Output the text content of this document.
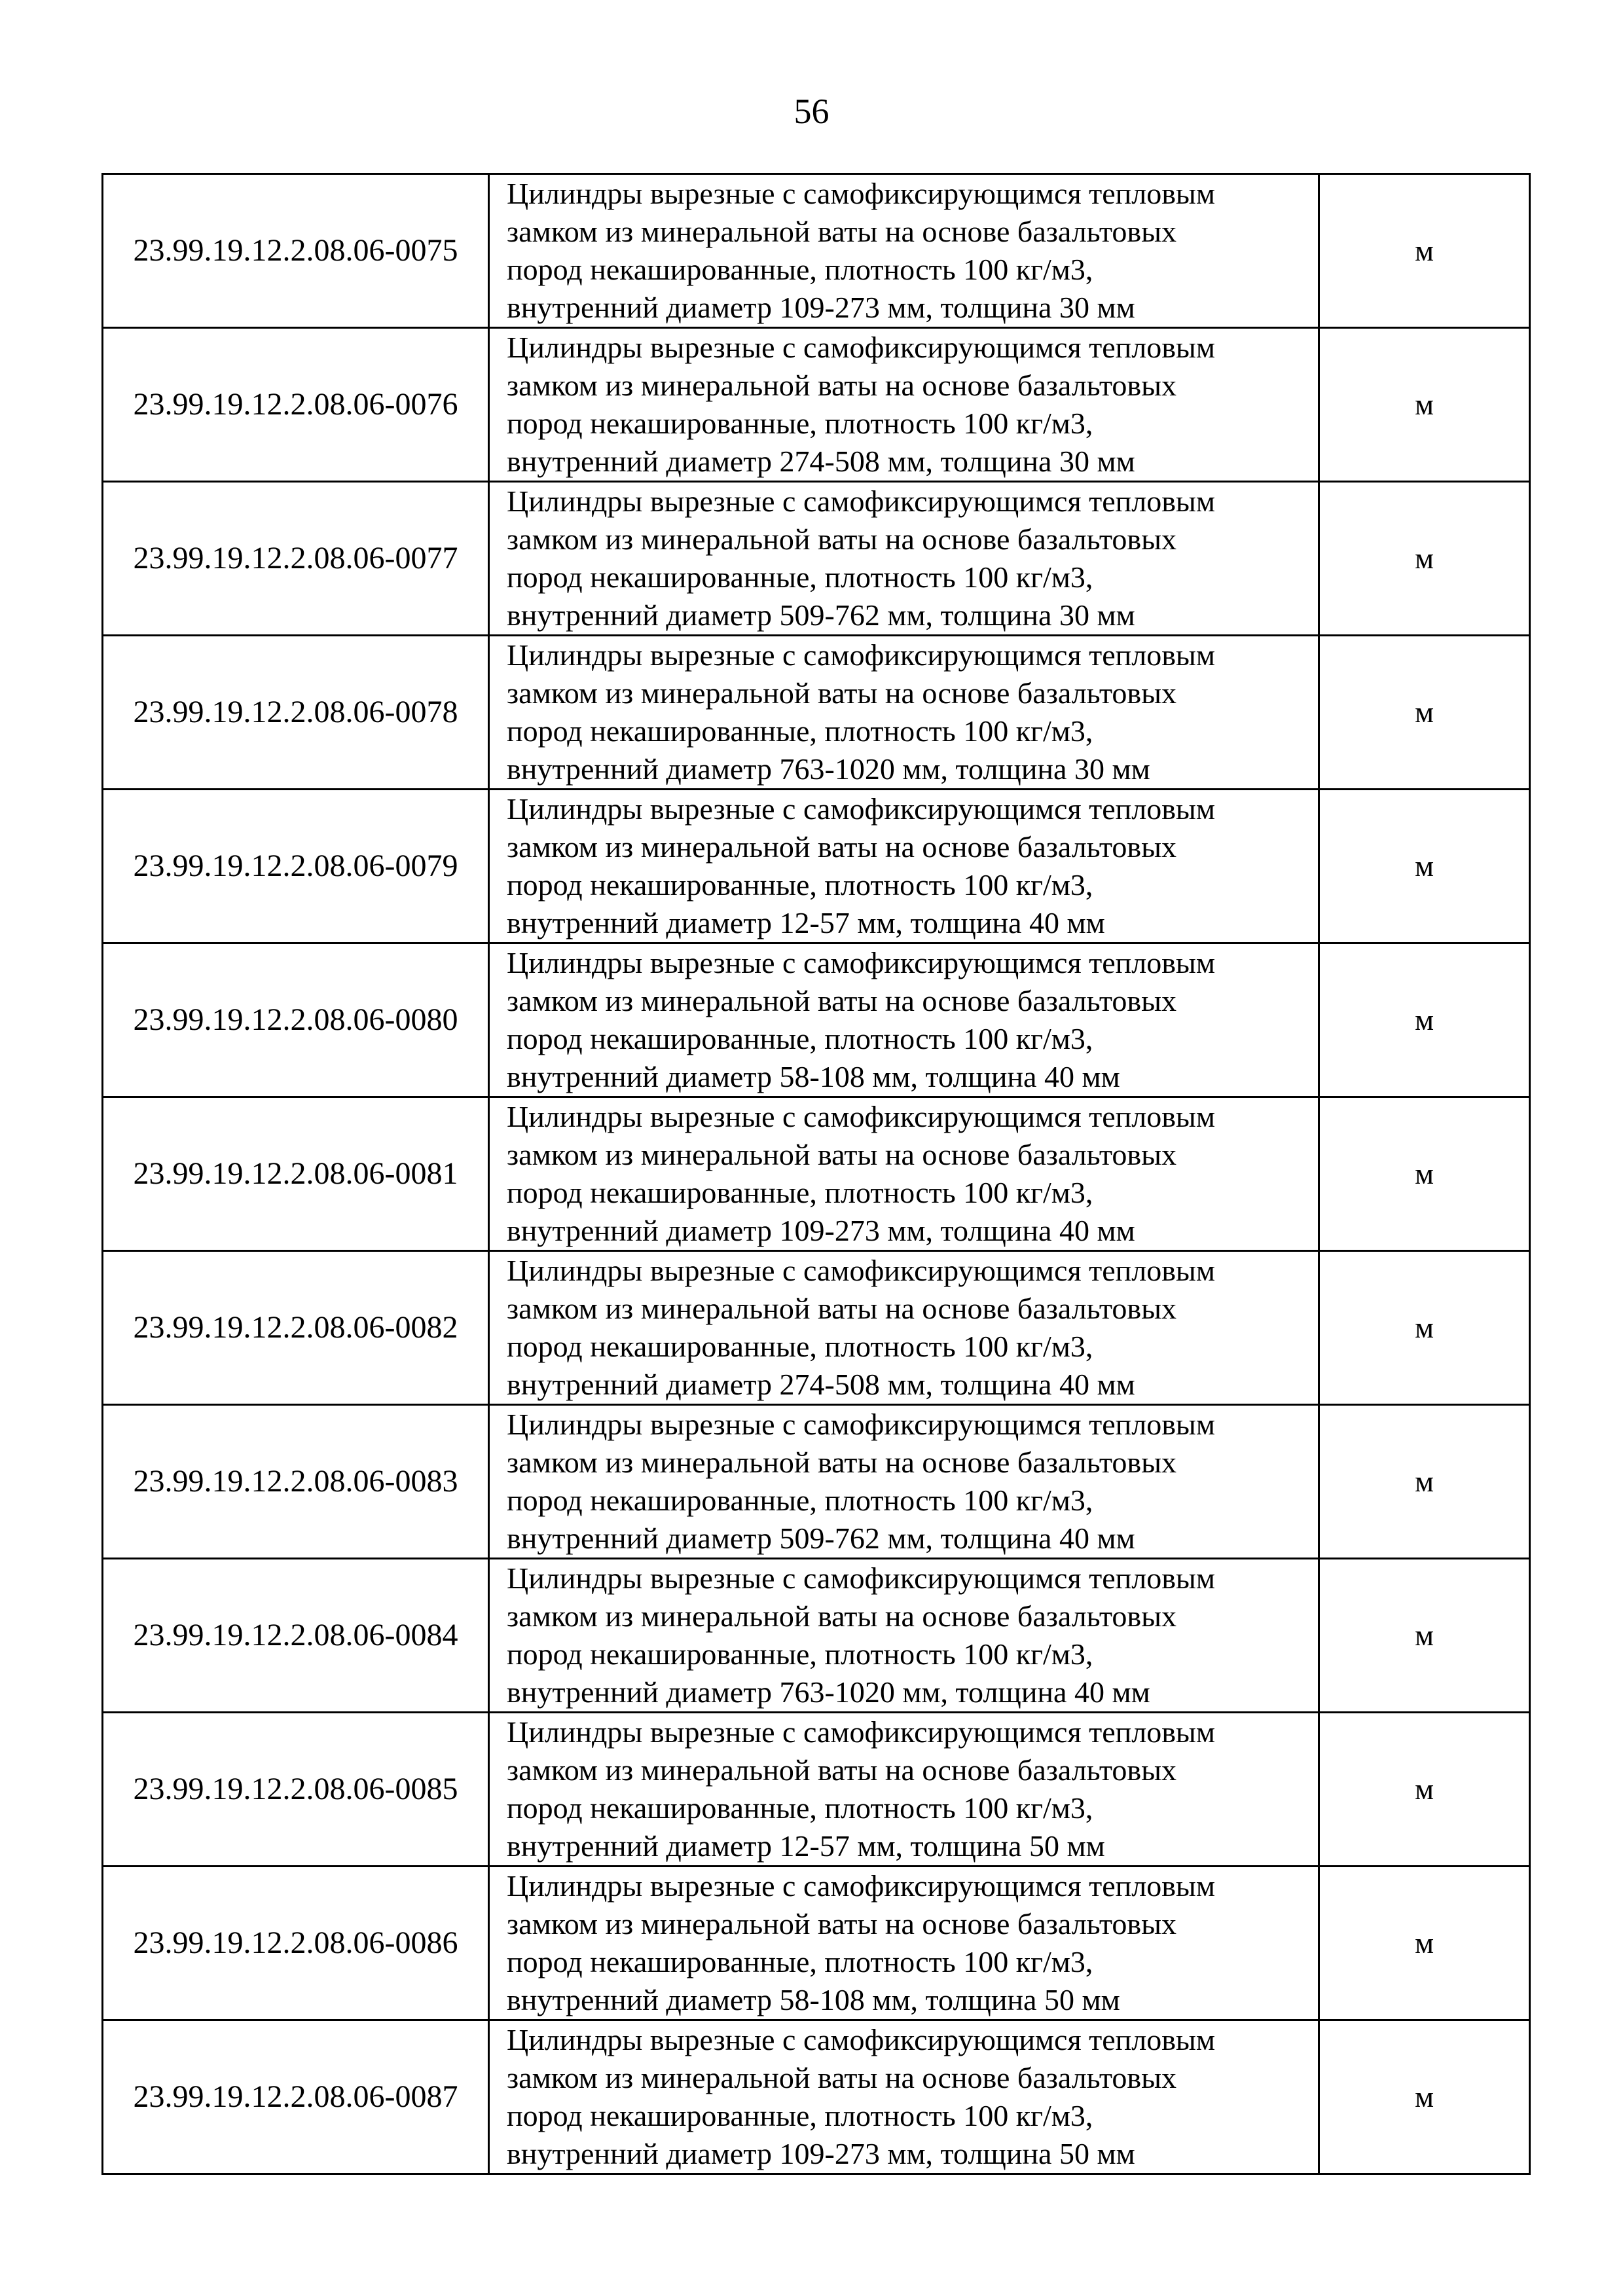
56
23.99.19.12.2.08.06-0075	Цилиндры вырезные с самофиксирующимся тепловым
замком из минеральной ваты на основе базальтовых
пород некашированные, плотность 100 кг/м3,
внутренний диаметр 109-273 мм, толщина 30 мм	м
23.99.19.12.2.08.06-0076	Цилиндры вырезные с самофиксирующимся тепловым
замком из минеральной ваты на основе базальтовых
пород некашированные, плотность 100 кг/м3,
внутренний диаметр 274-508 мм, толщина 30 мм	м
23.99.19.12.2.08.06-0077	Цилиндры вырезные с самофиксирующимся тепловым
замком из минеральной ваты на основе базальтовых
пород некашированные, плотность 100 кг/м3,
внутренний диаметр 509-762 мм, толщина 30 мм	м
23.99.19.12.2.08.06-0078	Цилиндры вырезные с самофиксирующимся тепловым
замком из минеральной ваты на основе базальтовых
пород некашированные, плотность 100 кг/м3,
внутренний диаметр 763-1020 мм, толщина 30 мм	м
23.99.19.12.2.08.06-0079	Цилиндры вырезные с самофиксирующимся тепловым
замком из минеральной ваты на основе базальтовых
пород некашированные, плотность 100 кг/м3,
внутренний диаметр 12-57 мм, толщина 40 мм	м
23.99.19.12.2.08.06-0080	Цилиндры вырезные с самофиксирующимся тепловым
замком из минеральной ваты на основе базальтовых
пород некашированные, плотность 100 кг/м3,
внутренний диаметр 58-108 мм, толщина 40 мм	м
23.99.19.12.2.08.06-0081	Цилиндры вырезные с самофиксирующимся тепловым
замком из минеральной ваты на основе базальтовых
пород некашированные, плотность 100 кг/м3,
внутренний диаметр 109-273 мм, толщина 40 мм	м
23.99.19.12.2.08.06-0082	Цилиндры вырезные с самофиксирующимся тепловым
замком из минеральной ваты на основе базальтовых
пород некашированные, плотность 100 кг/м3,
внутренний диаметр 274-508 мм, толщина 40 мм	м
23.99.19.12.2.08.06-0083	Цилиндры вырезные с самофиксирующимся тепловым
замком из минеральной ваты на основе базальтовых
пород некашированные, плотность 100 кг/м3,
внутренний диаметр 509-762 мм, толщина 40 мм	м
23.99.19.12.2.08.06-0084	Цилиндры вырезные с самофиксирующимся тепловым
замком из минеральной ваты на основе базальтовых
пород некашированные, плотность 100 кг/м3,
внутренний диаметр 763-1020 мм, толщина 40 мм	м
23.99.19.12.2.08.06-0085	Цилиндры вырезные с самофиксирующимся тепловым
замком из минеральной ваты на основе базальтовых
пород некашированные, плотность 100 кг/м3,
внутренний диаметр 12-57 мм, толщина 50 мм	м
23.99.19.12.2.08.06-0086	Цилиндры вырезные с самофиксирующимся тепловым
замком из минеральной ваты на основе базальтовых
пород некашированные, плотность 100 кг/м3,
внутренний диаметр 58-108 мм, толщина 50 мм	м
23.99.19.12.2.08.06-0087	Цилиндры вырезные с самофиксирующимся тепловым
замком из минеральной ваты на основе базальтовых
пород некашированные, плотность 100 кг/м3,
внутренний диаметр 109-273 мм, толщина 50 мм	м
